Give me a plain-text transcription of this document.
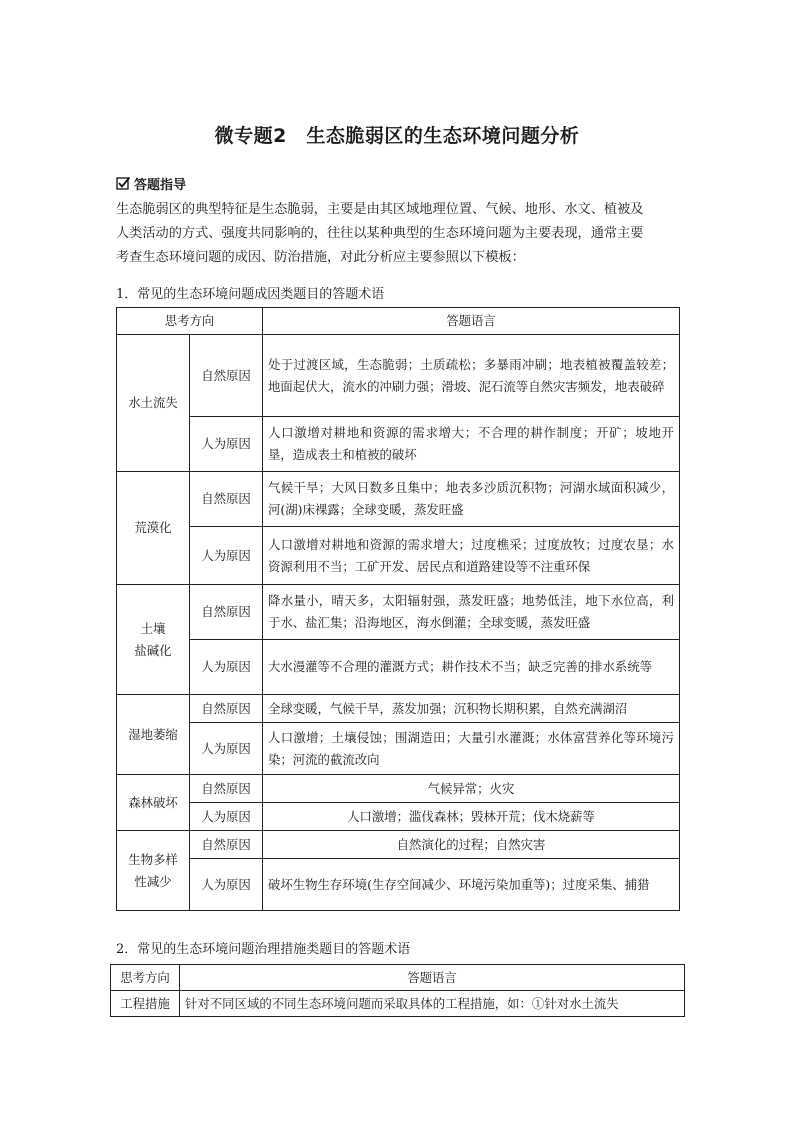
微专题2　生态脆弱区的生态环境问题分析
答题指导

生态脆弱区的典型特征是生态脆弱，主要是由其区域地理位置、气候、地形、水文、植被及

人类活动的方式、强度共同影响的，往往以某种典型的生态环境问题为主要表现，通常主要

考查生态环境问题的成因、防治措施，对此分析应主要参照以下模板：

1．常见的生态环境问题成因类题目的答题术语
思考方向		答题语言

水土流失	自然原因	处于过渡区域，生态脆弱；土质疏松；多暴雨冲刷；地表植被覆盖较差；地面起伏大，流水的冲刷力强；滑坡、泥石流等自然灾害频发，地表破碎
	人为原因	人口激增对耕地和资源的需求增大；不合理的耕作制度；开矿；坡地开垦，造成表土和植被的破坏

荒漠化	自然原因	气候干旱；大风日数多且集中；地表多沙质沉积物；河湖水域面积减少，河(湖)床裸露；全球变暖，蒸发旺盛
	人为原因	人口激增对耕地和资源的需求增大；过度樵采；过度放牧；过度农垦；水资源利用不当；工矿开发、居民点和道路建设等不注重环保

土壤
盐碱化	自然原因	降水量小，晴天多，太阳辐射强，蒸发旺盛；地势低洼，地下水位高，利于水、盐汇集；沿海地区，海水倒灌；全球变暖，蒸发旺盛
	人为原因	大水漫灌等不合理的灌溉方式；耕作技术不当；缺乏完善的排水系统等

湿地萎缩	自然原因	全球变暖，气候干旱，蒸发加强；沉积物长期积累，自然充满湖沼
	人为原因	人口激增；土壤侵蚀；围湖造田；大量引水灌溉；水体富营养化等环境污染；河流的截流改向

森林破坏	自然原因	气候异常；火灾
	人为原因	人口激增；滥伐森林；毁林开荒；伐木烧薪等

生物多样
性减少	自然原因	自然演化的过程；自然灾害
	人为原因	破坏生物生存环境(生存空间减少、环境污染加重等)；过度采集、捕猎
2．常见的生态环境问题治理措施类题目的答题术语
思考方向	答题语言
工程措施	针对不同区域的不同生态环境问题而采取具体的工程措施，如：①针对水土流失
